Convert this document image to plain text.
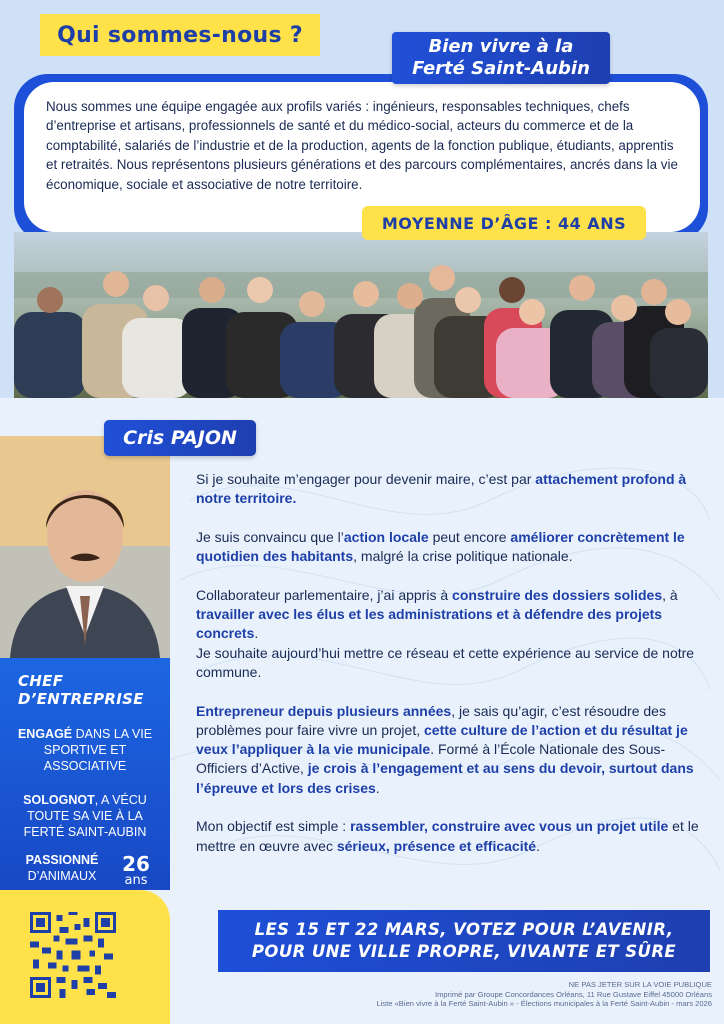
Qui sommes-nous ?	Bien vivre à la
Ferté Saint-Aubin
Nous sommes une équipe engagée aux profils variés : ingénieurs, responsables techniques, chefs d’entreprise et artisans, professionnels de santé et du médico-social, acteurs du commerce et de la comptabilité, salariés de l’industrie et de la production, agents de la fonction publique, étudiants, apprentis et retraités. Nous représentons plusieurs générations et des parcours complémentaires, ancrés dans la vie économique, sociale et associative de notre territoire.
MOYENNE D’ÂGE : 44 ANS
Cris PAJON
CHEF D’ENTREPRISE
ENGAGÉ DANS LA VIE SPORTIVE ET ASSOCIATIVE
SOLOGNOT, A VÉCU TOUTE SA VIE À LA FERTÉ SAINT-AUBIN
PASSIONNÉ
D’ANIMAUX	26
ans

Si je souhaite m’engager pour devenir maire, c’est par attachement profond à notre territoire.

Je suis convaincu que l’action locale peut encore améliorer concrètement le quotidien des habitants, malgré la crise politique nationale.

Collaborateur parlementaire, j’ai appris à construire des dossiers solides, à travailler avec les élus et les administrations et à défendre des projets concrets.
Je souhaite aujourd’hui mettre ce réseau et cette expérience au service de notre commune.

Entrepreneur depuis plusieurs années, je sais qu’agir, c’est résoudre des problèmes pour faire vivre un projet, cette culture de l’action et du résultat je veux l’appliquer à la vie municipale. Formé à l’École Nationale des Sous-Officiers d’Active, je crois à l’engagement et au sens du devoir, surtout dans l’épreuve et lors des crises.

Mon objectif est simple : rassembler, construire avec vous un projet utile et le mettre en œuvre avec sérieux, présence et efficacité.

LES 15 ET 22 MARS, VOTEZ POUR L’AVENIR,
POUR UNE VILLE PROPRE, VIVANTE ET SÛRE
NE PAS JETER SUR LA VOIE PUBLIQUE
Imprimé par Groupe Concordances Orléans, 11 Rue Gustave Eiffel 45000 Orléans
Liste «Bien vivre à la Ferté Saint-Aubin » - Élections municipales à la Ferté Saint-Aubin - mars 2026
